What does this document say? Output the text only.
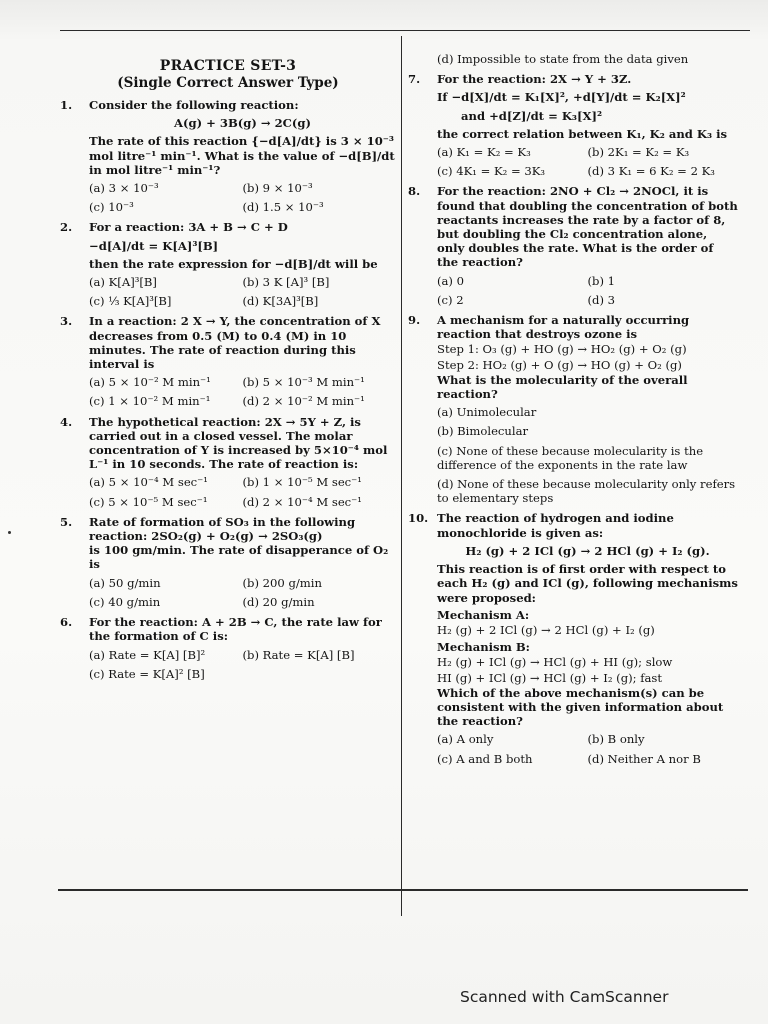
PRACTICE SET-3
(Single Correct Answer Type)
1. Consider the following reaction:
A(g) + 3B(g) → 2C(g)
The rate of this reaction {−d[A]/dt} is 3 × 10⁻³
mol litre⁻¹ min⁻¹. What is the value of −d[B]/dt
in mol litre⁻¹ min⁻¹?
(a) 3 × 10⁻³	(b) 9 × 10⁻³
(c) 10⁻³	(d) 1.5 × 10⁻³
2. For a reaction: 3A + B → C + D
−d[A]/dt = K[A]³[B]
then the rate expression for −d[B]/dt will be
(a) K[A]³[B]	(b) 3 K [A]³ [B]
(c) ⅓ K[A]³[B]	(d) K[3A]³[B]
3. In a reaction: 2 X → Y, the concentration of X decreases from 0.5 (M) to 0.4 (M) in 10 minutes. The rate of reaction during this interval is
(a) 5 × 10⁻² M min⁻¹	(b) 5 × 10⁻³ M min⁻¹
(c) 1 × 10⁻² M min⁻¹	(d) 2 × 10⁻² M min⁻¹
4. The hypothetical reaction: 2X → 5Y + Z, is carried out in a closed vessel. The molar concentration of Y is increased by 5×10⁻⁴ mol L⁻¹ in 10 seconds. The rate of reaction is:
(a) 5 × 10⁻⁴ M sec⁻¹	(b) 1 × 10⁻⁵ M sec⁻¹
(c) 5 × 10⁻⁵ M sec⁻¹	(d) 2 × 10⁻⁴ M sec⁻¹
5. Rate of formation of SO₃ in the following reaction: 2SO₂(g) + O₂(g) → 2SO₃(g)
is 100 gm/min. The rate of disapperance of O₂ is
(a) 50 g/min	(b) 200 g/min
(c) 40 g/min	(d) 20 g/min
6. For the reaction: A + 2B → C, the rate law for the formation of C is:
(a) Rate = K[A] [B]²	(b) Rate = K[A] [B]
(c) Rate = K[A]² [B]
(d) Impossible to state from the data given
7. For the reaction: 2X → Y + 3Z.
If −d[X]/dt = K₁[X]², +d[Y]/dt = K₂[X]²
and +d[Z]/dt = K₃[X]²
the correct relation between K₁, K₂ and K₃ is
(a) K₁ = K₂ = K₃	(b) 2K₁ = K₂ = K₃
(c) 4K₁ = K₂ = 3K₃	(d) 3 K₁ = 6 K₂ = 2 K₃
8. For the reaction: 2NO + Cl₂ → 2NOCl, it is found that doubling the concentration of both reactants increases the rate by a factor of 8, but doubling the Cl₂ concentration alone, only doubles the rate. What is the order of the reaction?
(a) 0	(b) 1
(c) 2	(d) 3
9. A mechanism for a naturally occurring reaction that destroys ozone is
Step 1: O₃ (g) + HO (g) → HO₂ (g) + O₂ (g)
Step 2: HO₂ (g) + O (g) → HO (g) + O₂ (g)
What is the molecularity of the overall reaction?
(a) Unimolecular
(b) Bimolecular
(c) None of these because molecularity is the difference of the exponents in the rate law
(d) None of these because molecularity only refers to elementary steps
10. The reaction of hydrogen and iodine monochloride is given as:
H₂ (g) + 2 ICl (g) → 2 HCl (g) + I₂ (g).
This reaction is of first order with respect to each H₂ (g) and ICl (g), following mechanisms were proposed:
Mechanism A:
H₂ (g) + 2 ICl (g) → 2 HCl (g) + I₂ (g)
Mechanism B:
H₂ (g) + ICl (g) → HCl (g) + HI (g); slow
HI (g) + ICl (g) → HCl (g) + I₂ (g); fast
Which of the above mechanism(s) can be consistent with the given information about the reaction?
(a) A only	(b) B only
(c) A and B both	(d) Neither A nor B
Scanned with CamScanner
